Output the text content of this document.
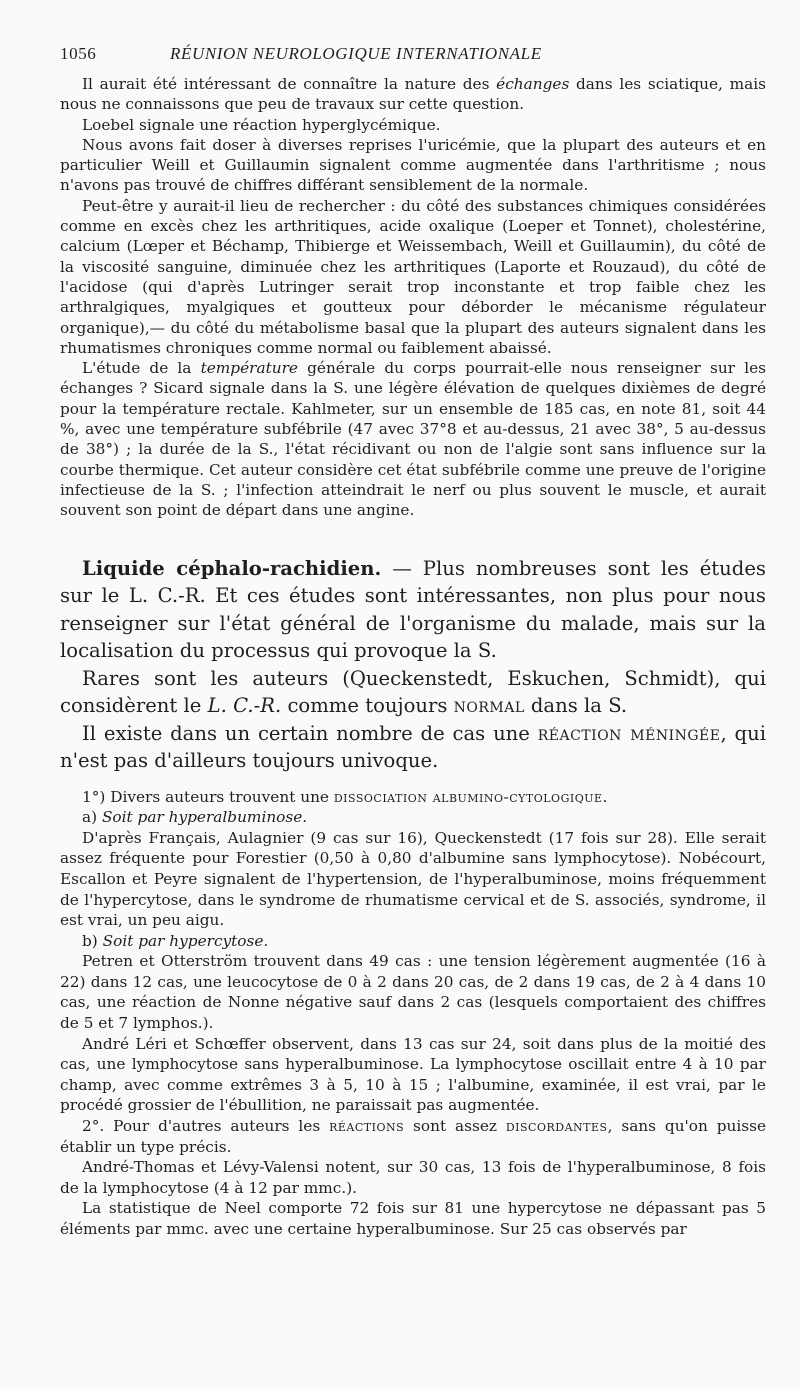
1056	RÉUNION NEUROLOGIQUE INTERNATIONALE

Il aurait été intéressant de connaître la nature des échanges dans les sciatique, mais nous ne connaissons que peu de travaux sur cette question.

Loebel signale une réaction hyperglycémique.

Nous avons fait doser à diverses reprises l'uricémie, que la plupart des auteurs et en particulier Weill et Guillaumin signalent comme augmentée dans l'arthritisme ; nous n'avons pas trouvé de chiffres différant sensiblement de la normale.

Peut-être y aurait-il lieu de rechercher : du côté des substances chimiques considérées comme en excès chez les arthritiques, acide oxalique (Loeper et Tonnet), cholestérine, calcium (Lœper et Béchamp, Thibierge et Weissembach, Weill et Guillaumin), du côté de la viscosité sanguine, diminuée chez les arthritiques (Laporte et Rouzaud), du côté de l'acidose (qui d'après Lutringer serait trop inconstante et trop faible chez les arthralgiques, myalgiques et goutteux pour déborder le mécanisme régulateur organique),— du côté du métabolisme basal que la plupart des auteurs signalent dans les rhumatismes chroniques comme normal ou faiblement abaissé.

L'étude de la température générale du corps pourrait-elle nous renseigner sur les échanges ? Sicard signale dans la S. une légère élévation de quelques dixièmes de degré pour la température rectale. Kahlmeter, sur un ensemble de 185 cas, en note 81, soit 44 %, avec une température subfébrile (47 avec 37°8 et au-dessus, 21 avec 38°, 5 au-dessus de 38°) ; la durée de la S., l'état récidivant ou non de l'algie sont sans influence sur la courbe thermique. Cet auteur considère cet état subfébrile comme une preuve de l'origine infectieuse de la S. ; l'infection atteindrait le nerf ou plus souvent le muscle, et aurait souvent son point de départ dans une angine.

Liquide céphalo-rachidien. — Plus nombreuses sont les études sur le L. C.-R. Et ces études sont intéressantes, non plus pour nous renseigner sur l'état général de l'organisme du malade, mais sur la localisation du processus qui provoque la S.

Rares sont les auteurs (Queckenstedt, Eskuchen, Schmidt), qui considèrent le L. C.-R. comme toujours normal dans la S.

Il existe dans un certain nombre de cas une réaction méningée, qui n'est pas d'ailleurs toujours univoque.

1°) Divers auteurs trouvent une dissociation albumino-cytologique.

a) Soit par hyperalbuminose.

D'après Français, Aulagnier (9 cas sur 16), Queckenstedt (17 fois sur 28). Elle serait assez fréquente pour Forestier (0,50 à 0,80 d'albumine sans lymphocytose). Nobécourt, Escallon et Peyre signalent de l'hypertension, de l'hyperalbuminose, moins fréquemment de l'hypercytose, dans le syndrome de rhumatisme cervical et de S. associés, syndrome, il est vrai, un peu aigu.

b) Soit par hypercytose.

Petren et Otterström trouvent dans 49 cas : une tension légèrement augmentée (16 à 22) dans 12 cas, une leucocytose de 0 à 2 dans 20 cas, de 2 dans 19 cas, de 2 à 4 dans 10 cas, une réaction de Nonne négative sauf dans 2 cas (lesquels comportaient des chiffres de 5 et 7 lymphos.).

André Léri et Schœffer observent, dans 13 cas sur 24, soit dans plus de la moitié des cas, une lymphocytose sans hyperalbuminose. La lymphocytose oscillait entre 4 à 10 par champ, avec comme extrêmes 3 à 5, 10 à 15 ; l'albumine, examinée, il est vrai, par le procédé grossier de l'ébullition, ne paraissait pas augmentée.

2°. Pour d'autres auteurs les réactions sont assez discordantes, sans qu'on puisse établir un type précis.

André-Thomas et Lévy-Valensi notent, sur 30 cas, 13 fois de l'hyperalbuminose, 8 fois de la lymphocytose (4 à 12 par mmc.).

La statistique de Neel comporte 72 fois sur 81 une hypercytose ne dépassant pas 5 éléments par mmc. avec une certaine hyperalbuminose. Sur 25 cas observés par
